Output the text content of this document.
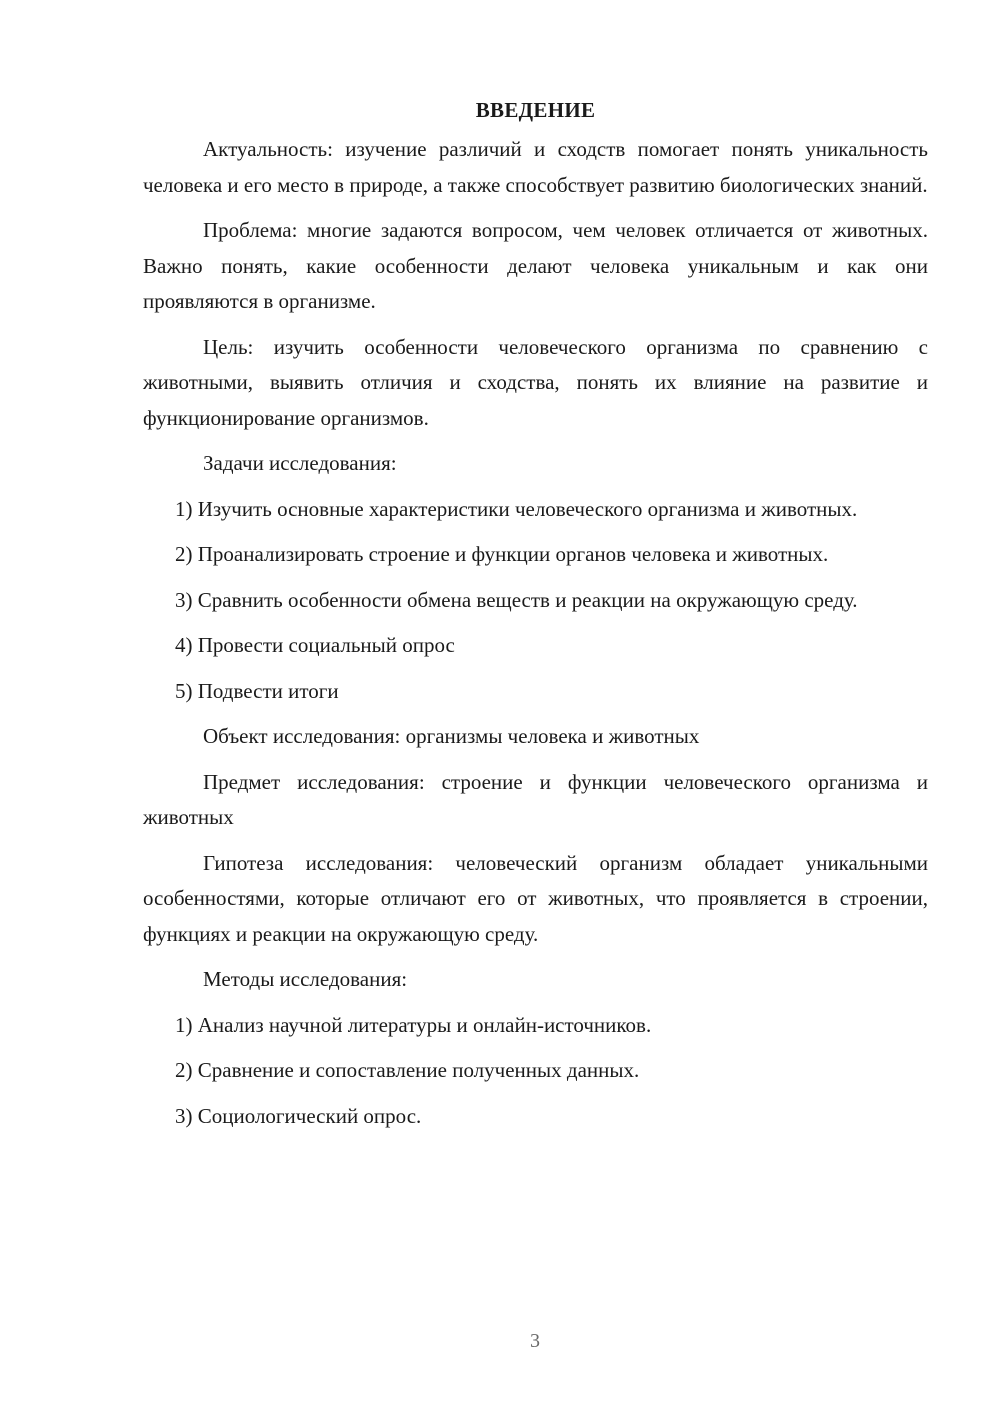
ВВЕДЕНИЕ

Актуальность: изучение различий и сходств помогает понять уникальность человека и его место в природе, а также способствует развитию биологических знаний.

Проблема: многие задаются вопросом, чем человек отличается от животных. Важно понять, какие особенности делают человека уникальным и как они проявляются в организме.

Цель: изучить особенности человеческого организма по сравнению с животными, выявить отличия и сходства, понять их влияние на развитие и функционирование организмов.

Задачи исследования:

1) Изучить основные характеристики человеческого организма и животных.

2) Проанализировать строение и функции органов человека и животных.

3) Сравнить особенности обмена веществ и реакции на окружающую среду.

4) Провести социальный опрос

5) Подвести итоги

Объект исследования: организмы человека и животных

Предмет исследования: строение и функции человеческого организма и животных

Гипотеза исследования: человеческий организм обладает уникальными особенностями, которые отличают его от животных, что проявляется в строении, функциях и реакции на окружающую среду.

Методы исследования:

1) Анализ научной литературы и онлайн-источников.

2) Сравнение и сопоставление полученных данных.

3) Социологический опрос.

3
